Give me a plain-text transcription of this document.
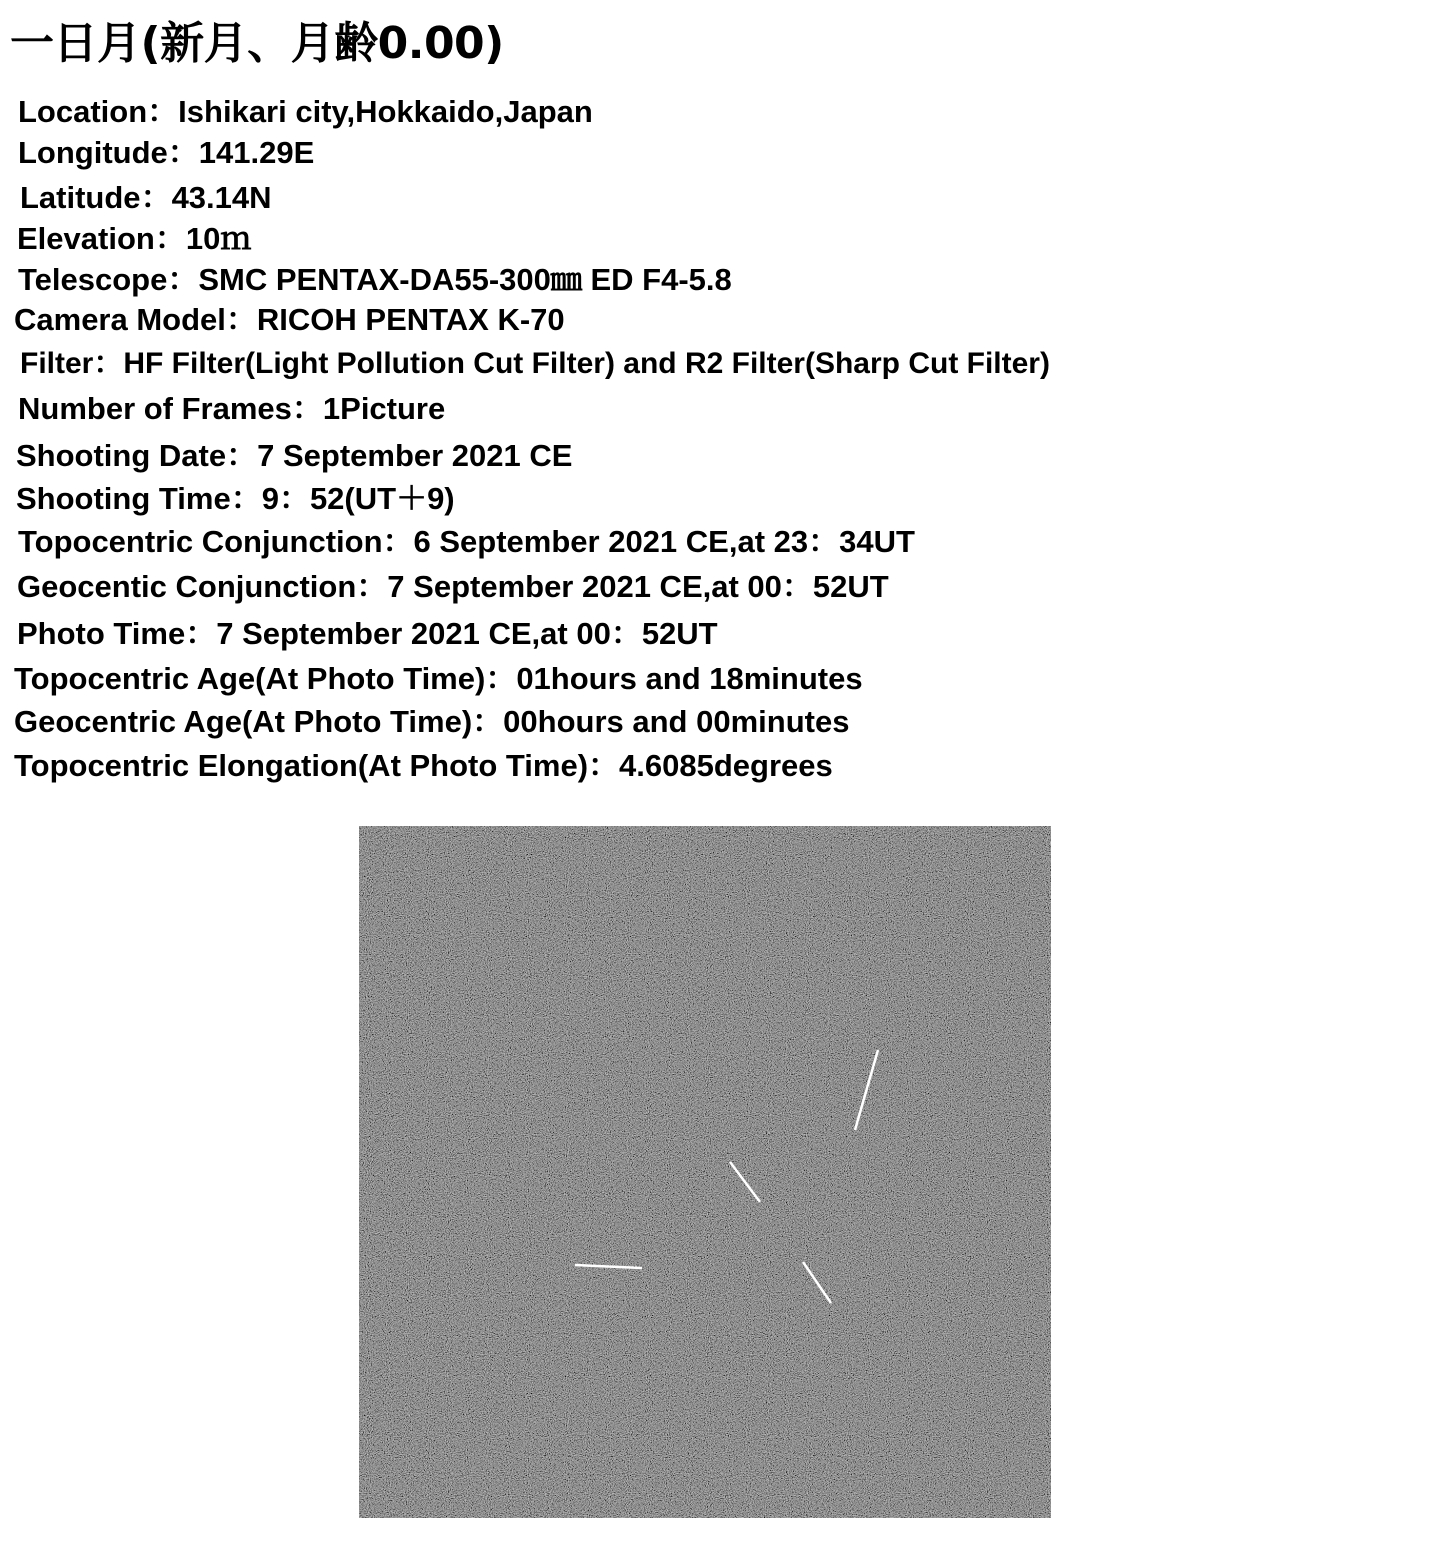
一日月(新月、月齢0.00)
Location：Ishikari city,Hokkaido,Japan
Longitude：141.29E
Latitude：43.14N
Elevation：10ｍ
Telescope：SMC PENTAX-DA55-300㎜ ED F4-5.8
Camera Model：RICOH PENTAX K-70
Filter：HF Filter(Light Pollution Cut Filter) and R2 Filter(Sharp Cut Filter)
Number of Frames：1Picture
Shooting Date：7 September 2021 CE
Shooting Time：9：52(UT＋9)
Topocentric Conjunction：6 September 2021 CE,at 23：34UT
Geocentic Conjunction：7 September 2021 CE,at 00：52UT
Photo Time：7 September 2021 CE,at 00：52UT
Topocentric Age(At Photo Time)：01hours and 18minutes
Geocentric Age(At Photo Time)：00hours and 00minutes
Topocentric Elongation(At Photo Time)：4.6085degrees
